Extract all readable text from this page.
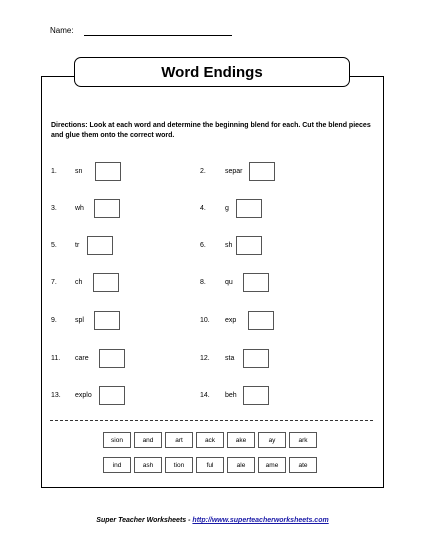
Name:
Word Endings
Directions: Look at each word and determine the beginning blend for each. Cut the blend pieces and glue them onto the correct word.
1.	sn
3.	wh
5.	tr
7.	ch
9.	spl
11. care
13. explo
2.	separ
4.	g
6.	sh
8.	qu
10. exp
12. sta
14. beh
sion	and	art	ack	ake	ay	ark
ind	ash	tion	ful	ale	ame	ate
Super Teacher Worksheets - http://www.superteacherworksheets.com
